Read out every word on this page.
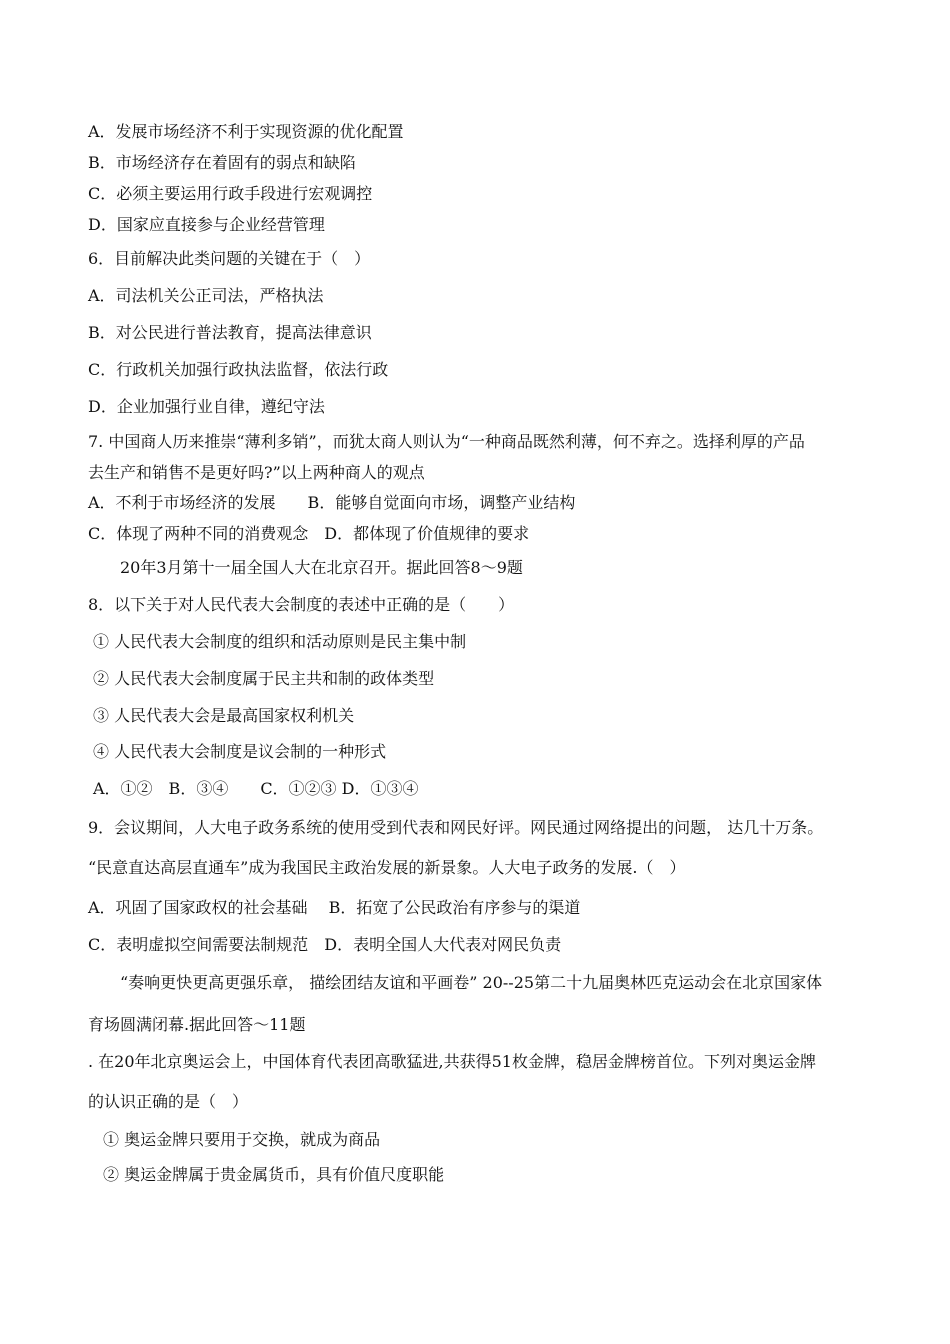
A．发展市场经济不利于实现资源的优化配置

B．市场经济存在着固有的弱点和缺陷

C．必须主要运用行政手段进行宏观调控

D．国家应直接参与企业经营管理

6．目前解决此类问题的关键在于（　）

A．司法机关公正司法，严格执法

B．对公民进行普法教育，提高法律意识

C．行政机关加强行政执法监督，依法行政

D．企业加强行业自律，遵纪守法

7. 中国商人历来推崇“薄利多销”，而犹太商人则认为“一种商品既然利薄，何不弃之。选择利厚的产品

去生产和销售不是更好吗?”以上两种商人的观点

A．不利于市场经济的发展　　B．能够自觉面向市场，调整产业结构

C．体现了两种不同的消费观念　D．都体现了价值规律的要求

20年3月第十一届全国人大在北京召开。据此回答8～9题

8．以下关于对人民代表大会制度的表述中正确的是（　　）

① 人民代表大会制度的组织和活动原则是民主集中制

② 人民代表大会制度属于民主共和制的政体类型

③ 人民代表大会是最高国家权利机关

④ 人民代表大会制度是议会制的一种形式

A．①②　B．③④　　C．①②③ D．①③④

9．会议期间，人大电子政务系统的使用受到代表和网民好评。网民通过网络提出的问题， 达几十万条。

“民意直达高层直通车”成为我国民主政治发展的新景象。人大电子政务的发展.（　）

A．巩固了国家政权的社会基础　 B．拓宽了公民政治有序参与的渠道

C．表明虚拟空间需要法制规范　D．表明全国人大代表对网民负责

“奏响更快更高更强乐章， 描绘团结友谊和平画卷” 20--25第二十九届奥林匹克运动会在北京国家体

育场圆满闭幕.据此回答～11题

. 在20年北京奥运会上，中国体育代表团高歌猛进,共获得51枚金牌，稳居金牌榜首位。下列对奥运金牌

的认识正确的是（　）

① 奥运金牌只要用于交换，就成为商品

② 奥运金牌属于贵金属货币，具有价值尺度职能
